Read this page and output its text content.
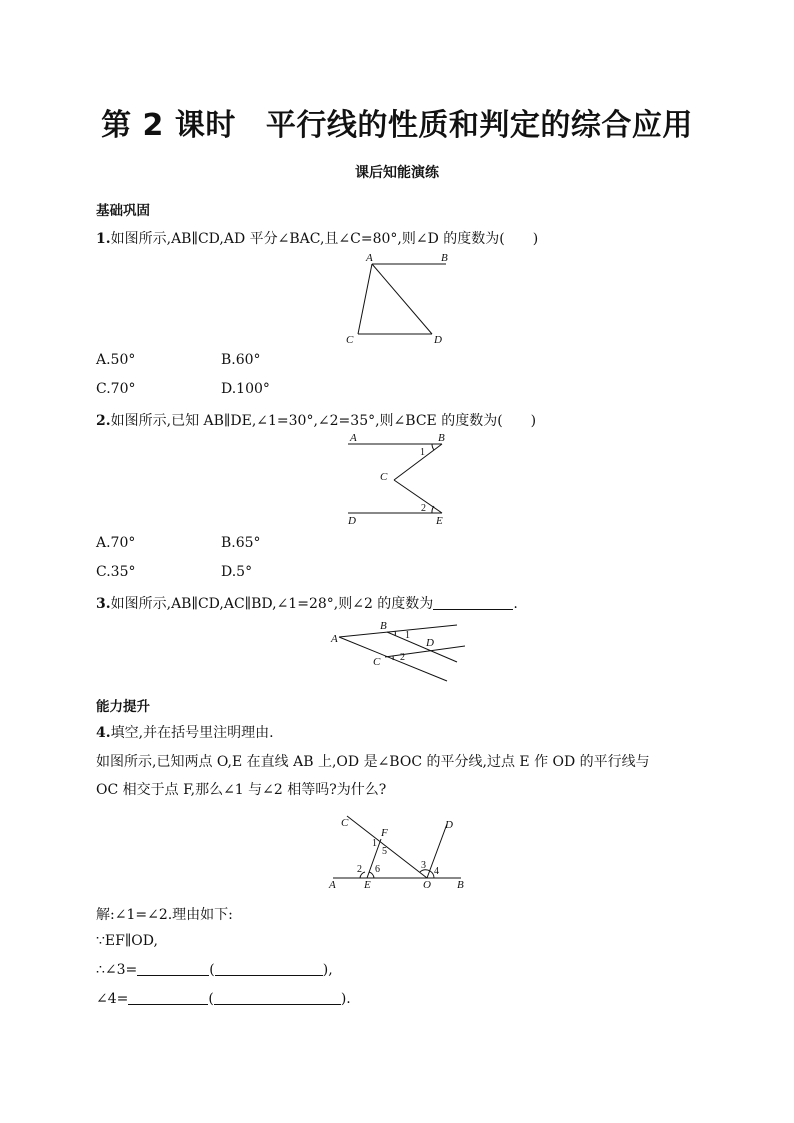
第 2 课时 平行线的性质和判定的综合应用
课后知能演练
基础巩固
1.如图所示,AB∥CD,AD 平分∠BAC,且∠C=80°,则∠D 的度数为(　　)
A	B
C	D
A.50°	B.60°
C.70°	D.100°
2.如图所示,已知 AB∥DE,∠1=30°,∠2=35°,则∠BCE 的度数为(　　)
A	B
C
D	E
1
2
A.70°	B.65°
C.35°	D.5°
3.如图所示,AB∥CD,AC∥BD,∠1=28°,则∠2 的度数为	.
A
B
C
D
1
2
能力提升
4.填空,并在括号里注明理由.
如图所示,已知两点 O,E 在直线 AB 上,OD 是∠BOC 的平分线,过点 E 作 OD 的平行线与
OC 相交于点 F,那么∠1 与∠2 相等吗?为什么?
C	D
F
A	E	O B
1
5
2 6	3
4
解:∠1=∠2.理由如下:
∵EF∥OD,
∴∠3=	(	),
∠4=	(	).
